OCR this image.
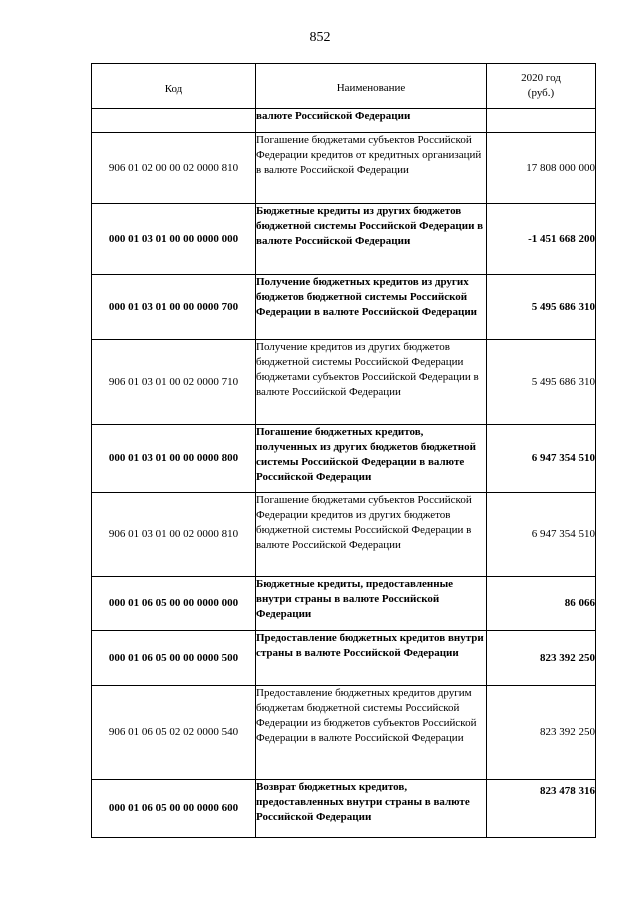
852
Код	Наименование	2020 год
(руб.)
	валюте Российской Федерации	
906 01 02 00 00 02 0000 810	Погашение бюджетами субъектов Российской Федерации кредитов от кредитных организаций в валюте Российской Федерации	17 808 000 000
000 01 03 01 00 00 0000 000	Бюджетные кредиты из других бюджетов бюджетной системы Российской Федерации в валюте Российской Федерации	-1 451 668 200
000 01 03 01 00 00 0000 700	Получение бюджетных кредитов из других бюджетов бюджетной системы Российской Федерации в валюте Российской Федерации	5 495 686 310
906 01 03 01 00 02 0000 710	Получение кредитов из других бюджетов бюджетной системы Российской Федерации бюджетами субъектов Российской Федерации в валюте Российской Федерации	5 495 686 310
000 01 03 01 00 00 0000 800	Погашение бюджетных кредитов, полученных из других бюджетов бюджетной системы Российской Федерации в валюте Российской Федерации	6 947 354 510
906 01 03 01 00 02 0000 810	Погашение бюджетами субъектов Российской Федерации кредитов из других бюджетов бюджетной системы Российской Федерации в валюте Российской Федерации	6 947 354 510
000 01 06 05 00 00 0000 000	Бюджетные кредиты, предоставленные внутри страны в валюте Российской Федерации	86 066
000 01 06 05 00 00 0000 500	Предоставление бюджетных кредитов внутри страны в валюте Российской Федерации	823 392 250
906 01 06 05 02 02 0000 540	Предоставление бюджетных кредитов другим бюджетам бюджетной системы Российской Федерации из бюджетов субъектов Российской Федерации в валюте Российской Федерации	823 392 250
000 01 06 05 00 00 0000 600	Возврат бюджетных кредитов, предоставленных внутри страны в валюте Российской Федерации	823 478 316
